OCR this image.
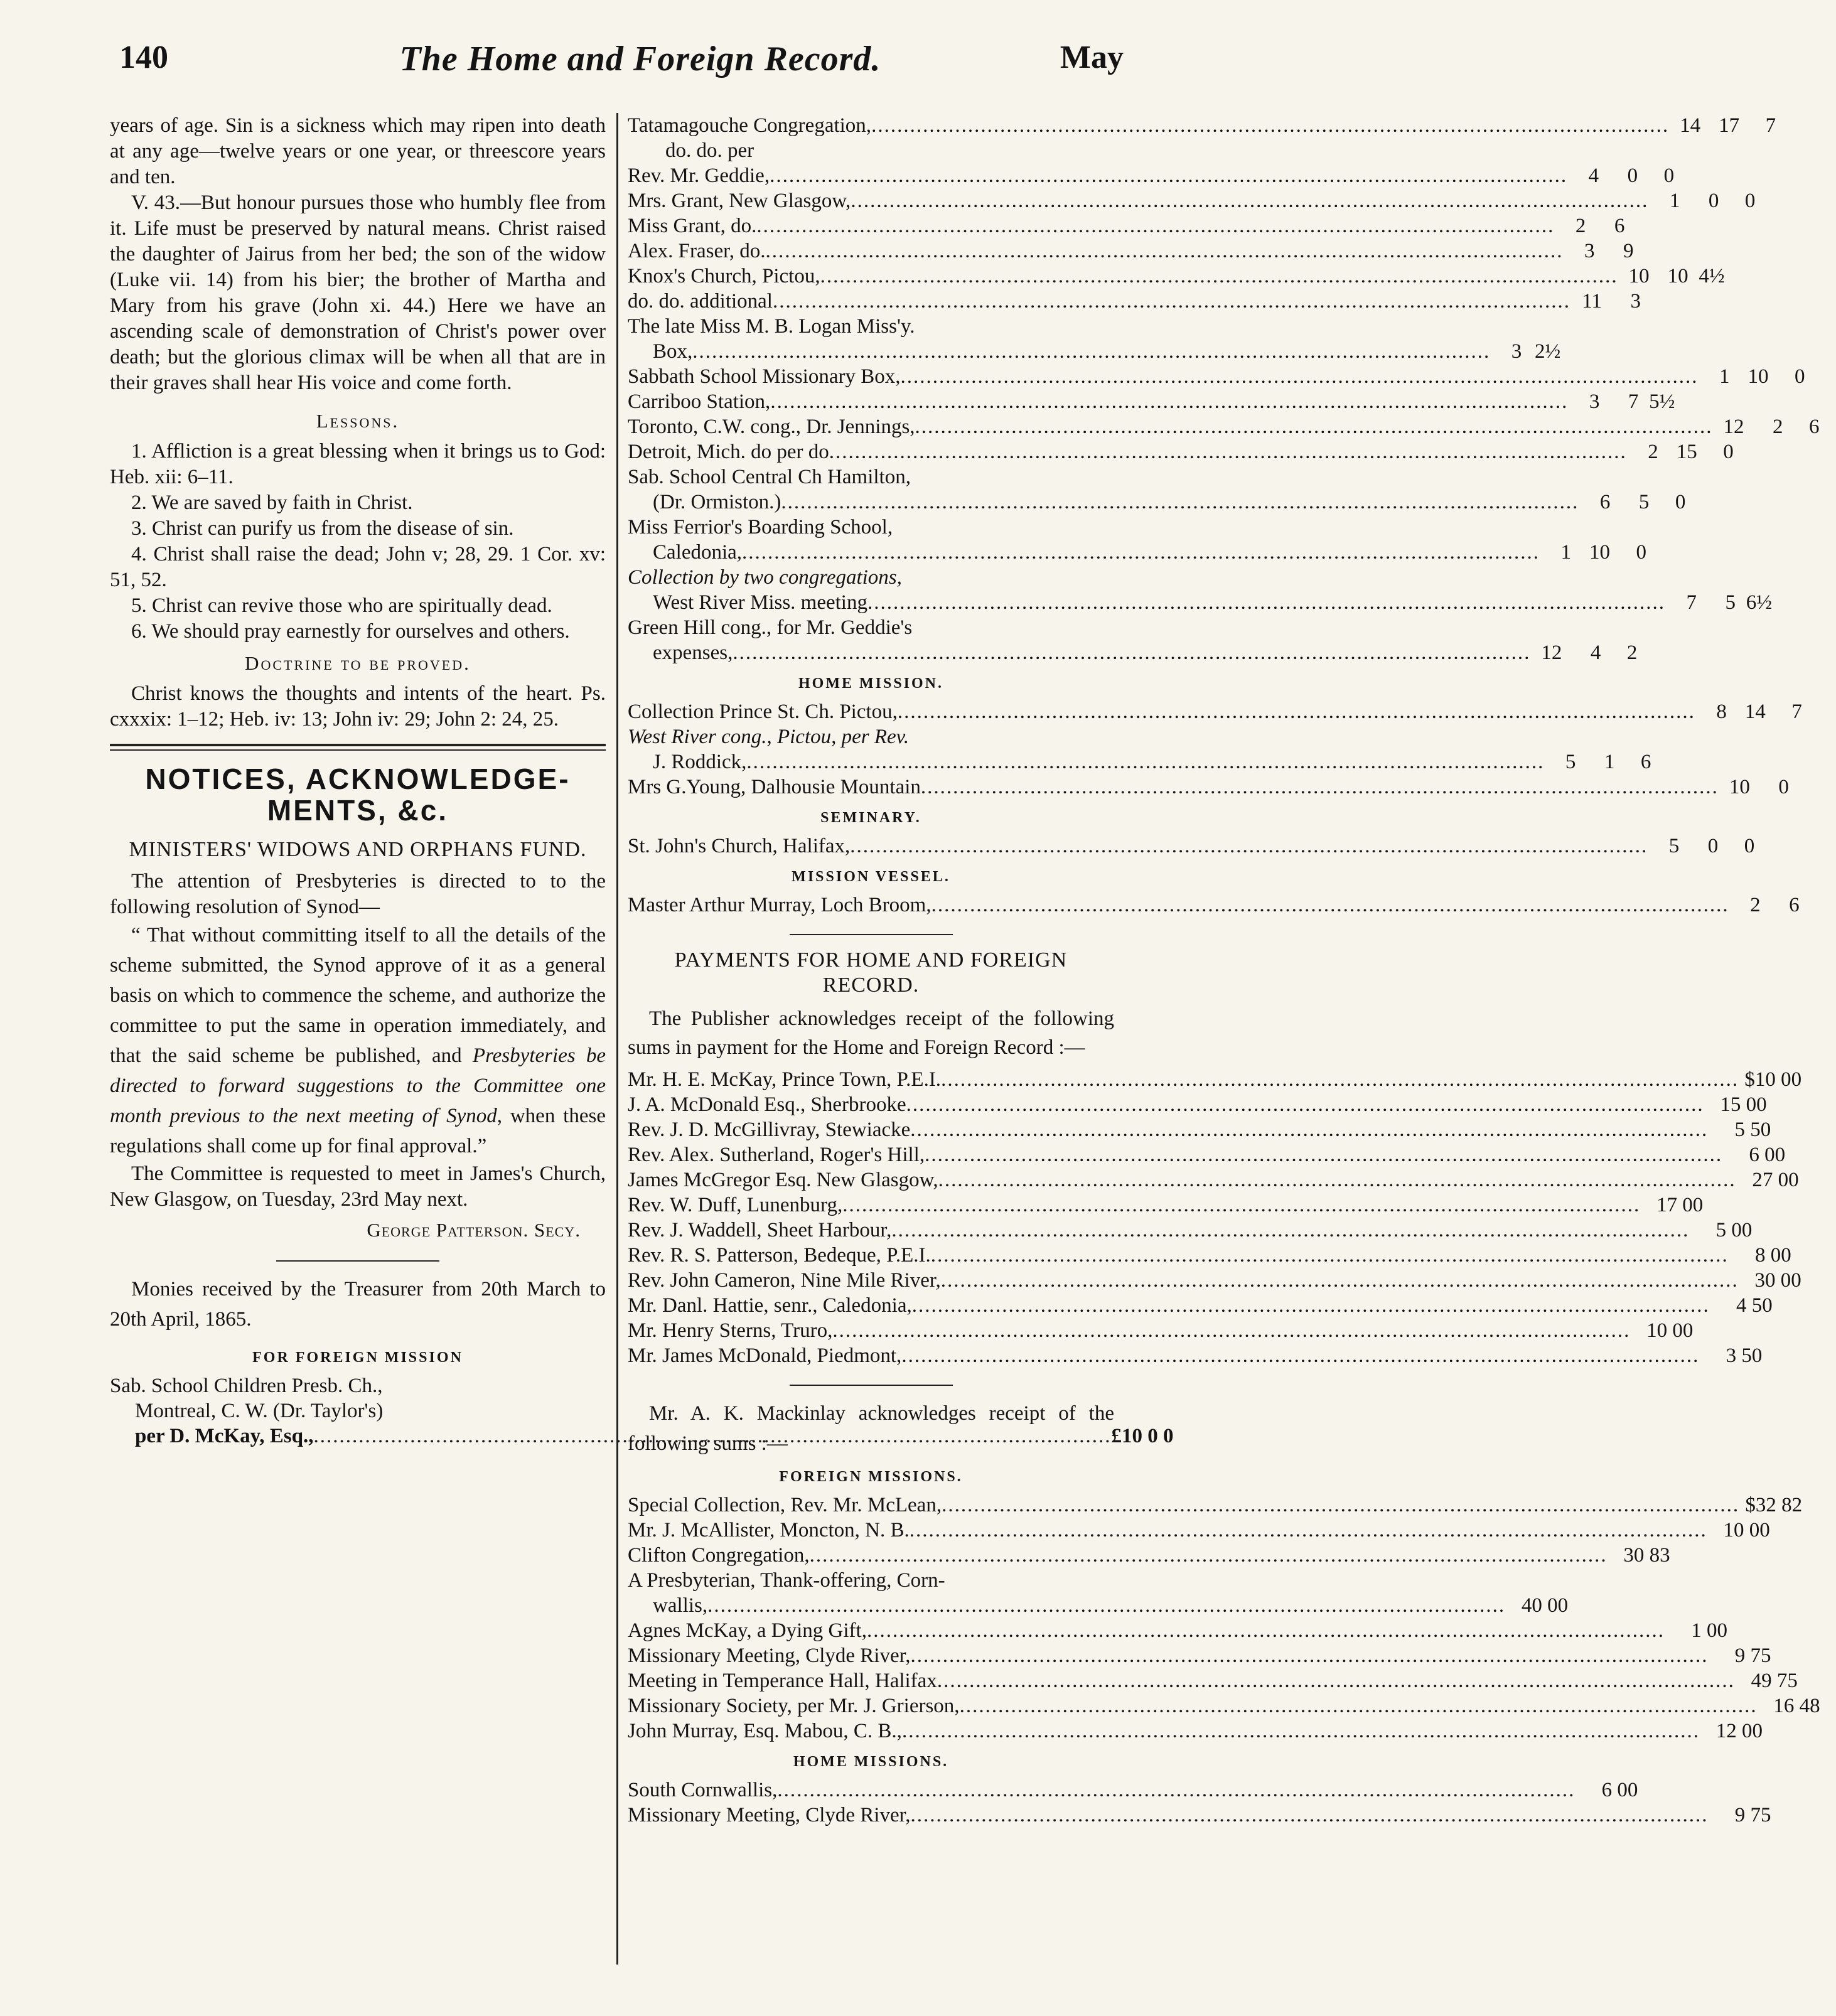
140	The Home and Foreign Record.	May

years of age. Sin is a sickness which may ripen into death at any age—twelve years or one year, or threescore years and ten.

V. 43.—But honour pursues those who humbly flee from it. Life must be preserved by natural means. Christ raised the daughter of Jairus from her bed; the son of the widow (Luke vii. 14) from his bier; the brother of Martha and Mary from his grave (John xi. 44.) Here we have an ascending scale of demonstration of Christ's power over death; but the glorious climax will be when all that are in their graves shall hear His voice and come forth.

Lessons.

1. Affliction is a great blessing when it brings us to God: Heb. xii: 6–11.

2. We are saved by faith in Christ.

3. Christ can purify us from the disease of sin.

4. Christ shall raise the dead; John v; 28, 29. 1 Cor. xv: 51, 52.

5. Christ can revive those who are spiritually dead.

6. We should pray earnestly for ourselves and others.

Doctrine to be proved.

Christ knows the thoughts and intents of the heart. Ps. cxxxix: 1–12; Heb. iv: 13; John iv: 29; John 2: 24, 25.

NOTICES, ACKNOWLEDGE-MENTS, &c.
MINISTERS' WIDOWS AND ORPHANS FUND.

The attention of Presbyteries is directed to to the following resolution of Synod—

“ That without committing itself to all the details of the scheme submitted, the Synod approve of it as a general basis on which to commence the scheme, and authorize the committee to put the same in operation immediately, and that the said scheme be published, and Presbyteries be directed to forward suggestions to the Committee one month previous to the next meeting of Synod, when these regulations shall come up for final approval.”

The Committee is requested to meet in James's Church, New Glasgow, on Tuesday, 23rd May next.

George Patterson. Secy.

Monies received by the Treasurer from 20th March to 20th April, 1865.

FOR FOREIGN MISSION
Sab. School Children Presb. Ch.,
Montreal, C. W. (Dr. Taylor's)
per D. McKay, Esq., .....	£10 0 0
Tatamagouche Congregation, .....	14 17	7
do. do. per
Rev. Mr. Geddie, .....	4	0	0
Mrs. Grant, New Glasgow, .....	1	0	0
Miss Grant, do. .....	2	6
Alex. Fraser, do. .....	3	9
Knox's Church, Pictou, .....	10 10 4½
do. do. additional .....	11	3
The late Miss M. B. Logan Miss'y.
Box, .....	3 2½
Sabbath School Missionary Box, .....	1 10	0
Carriboo Station, .....	3	7 5½
Toronto, C.W. cong., Dr. Jennings, .....	12	2	6
Detroit, Mich. do per do .....	2 15	0
Sab. School Central Ch Hamilton,
(Dr. Ormiston.) .....	6	5	0
Miss Ferrior's Boarding School,
Caledonia, .....	1 10	0
Collection by two congregations,
West River Miss. meeting .....	7	5 6½
Green Hill cong., for Mr. Geddie's
expenses, .....	12	4	2
HOME MISSION.
Collection Prince St. Ch. Pictou, .....	8 14	7
West River cong., Pictou, per Rev.
J. Roddick, .....	5	1	6
Mrs G.Young, Dalhousie Mountain .....	10	0
SEMINARY.
St. John's Church, Halifax, .....	5	0	0
MISSION VESSEL.
Master Arthur Murray, Loch Broom, .....	2	6
PAYMENTS FOR HOME AND FOREIGN RECORD.

The Publisher acknowledges receipt of the following sums in payment for the Home and Foreign Record :—

Mr. H. E. McKay, Prince Town, P.E.I. .....	$10 00
J. A. McDonald Esq., Sherbrooke .....	15 00
Rev. J. D. McGillivray, Stewiacke .....	5 50
Rev. Alex. Sutherland, Roger's Hill, .....	6 00
James McGregor Esq. New Glasgow, .....	27 00
Rev. W. Duff, Lunenburg, .....	17 00
Rev. J. Waddell, Sheet Harbour, .....	5 00
Rev. R. S. Patterson, Bedeque, P.E.I. .....	8 00
Rev. John Cameron, Nine Mile River, .....	30 00
Mr. Danl. Hattie, senr., Caledonia, .....	4 50
Mr. Henry Sterns, Truro, .....	10 00
Mr. James McDonald, Piedmont, .....	3 50

Mr. A. K. Mackinlay acknowledges receipt of the following sums :—

FOREIGN MISSIONS.
Special Collection, Rev. Mr. McLean, .....	$32 82
Mr. J. McAllister, Moncton, N. B. .....	10 00
Clifton Congregation, .....	30 83
A Presbyterian, Thank-offering, Corn-
wallis, .....	40 00
Agnes McKay, a Dying Gift, .....	1 00
Missionary Meeting, Clyde River, .....	9 75
Meeting in Temperance Hall, Halifax .....	49 75
Missionary Society, per Mr. J. Grierson, .....	16 48
John Murray, Esq. Mabou, C. B., .....	12 00
HOME MISSIONS.
South Cornwallis, .....	6 00
Missionary Meeting, Clyde River, .....	9 75
